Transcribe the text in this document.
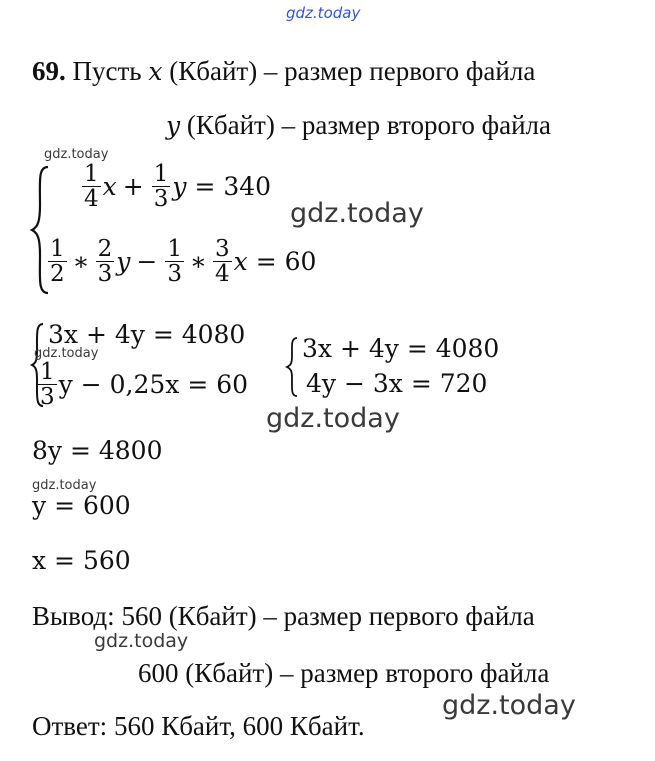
gdz.today
69. Пусть x (Кбайт) – размер первого файла
y (Кбайт) – размер второго файла
gdz.today
$\frac{1}{4}$ $x + \frac{1}{3}$ y = 340
gdz.today
$\frac{1}{2}$ ∗ $\frac{2}{3}$ $y - \frac{1}{3}$ ∗ $\frac{3}{4}$ x = 60
3x + 4y = 4080
gdz.today
$\frac{1}{3}$ y − 0,25x = 60
3x + 4y = 4080
4y − 3x = 720
gdz.today
8y = 4800
gdz.today
y = 600
x = 560
Вывод: 560 (Кбайт) – размер первого файла
gdz.today
600 (Кбайт) – размер второго файла
gdz.today
Ответ: 560 Кбайт, 600 Кбайт.
